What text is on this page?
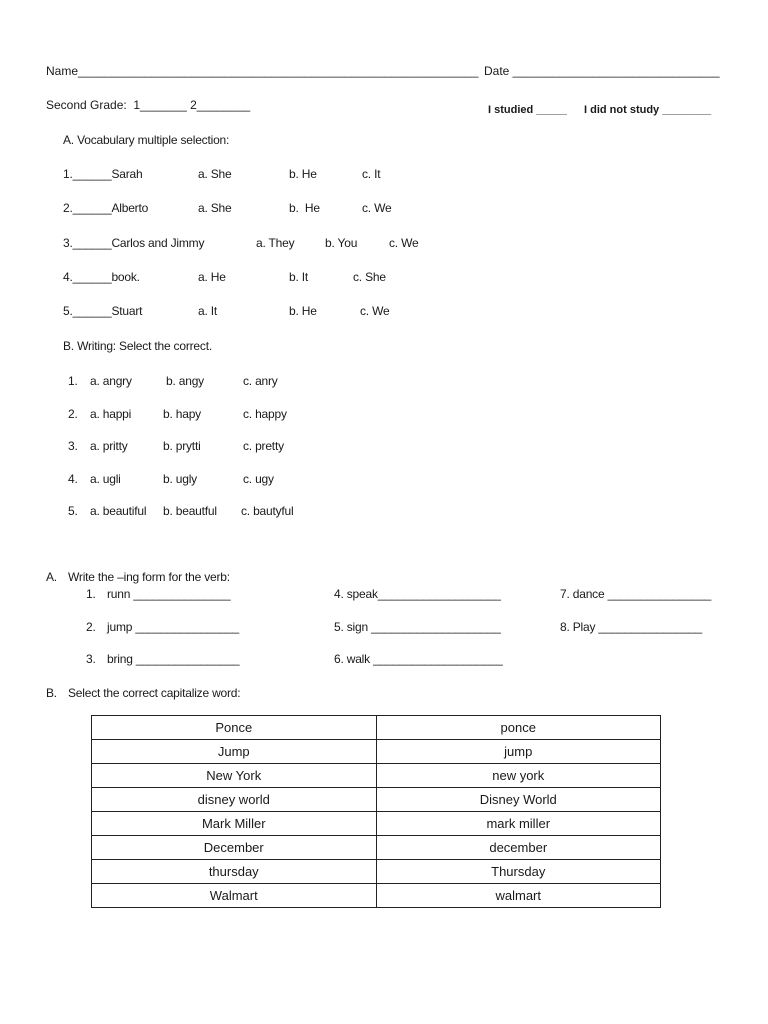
Name____________________________________________________________ Date _______________________________
Second Grade:  1_______ 2________	I studied _____ I did not study ________
A. Vocabulary multiple selection:
1.______Sarah	a. She	b. He	c. It
2.______Alberto	a. She	b.  He	c. We
3.______Carlos and Jimmy	a. They	b. You	c. We
4.______book.	a. He	b. It	c. She
5.______Stuart	a. It	b. He	c. We
B. Writing: Select the correct.
1. a. angry	b. angy	c. anry
2. a. happi	b. hapy	c. happy
3. a. pritty	b. prytti	c. pretty
4. a. ugli	b. ugly	c. ugy
5. a. beautiful b. beautful c. bautyful
A. Write the –ing form for the verb:
1. runn _______________
2. jump ________________
3. bring ________________
4. speak___________________
5. sign ____________________
6. walk ____________________
7. dance ________________
8. Play ________________
B. Select the correct capitalize word:
Ponce	ponce
Jump	jump
New York	new york
disney world	Disney World
Mark Miller	mark miller
December	december
thursday	Thursday
Walmart	walmart
